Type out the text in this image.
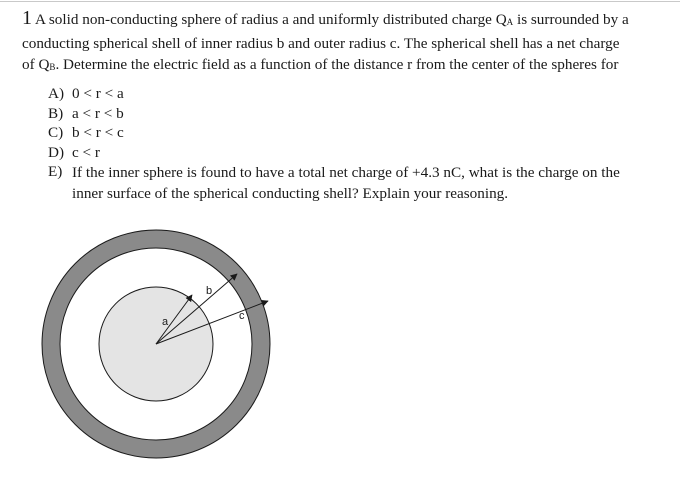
1 A solid non-conducting sphere of radius a and uniformly distributed charge QA is surrounded by a
conducting spherical shell of inner radius b and outer radius c. The spherical shell has a net charge
of QB. Determine the electric field as a function of the distance r from the center of the spheres for
A) 0 < r < a
B) a < r < b
C) b < r < c
D) c < r
E) If the inner sphere is found to have a total net charge of +4.3 nC, what is the charge on the inner surface of the spherical conducting shell? Explain your reasoning.
a
b
c
